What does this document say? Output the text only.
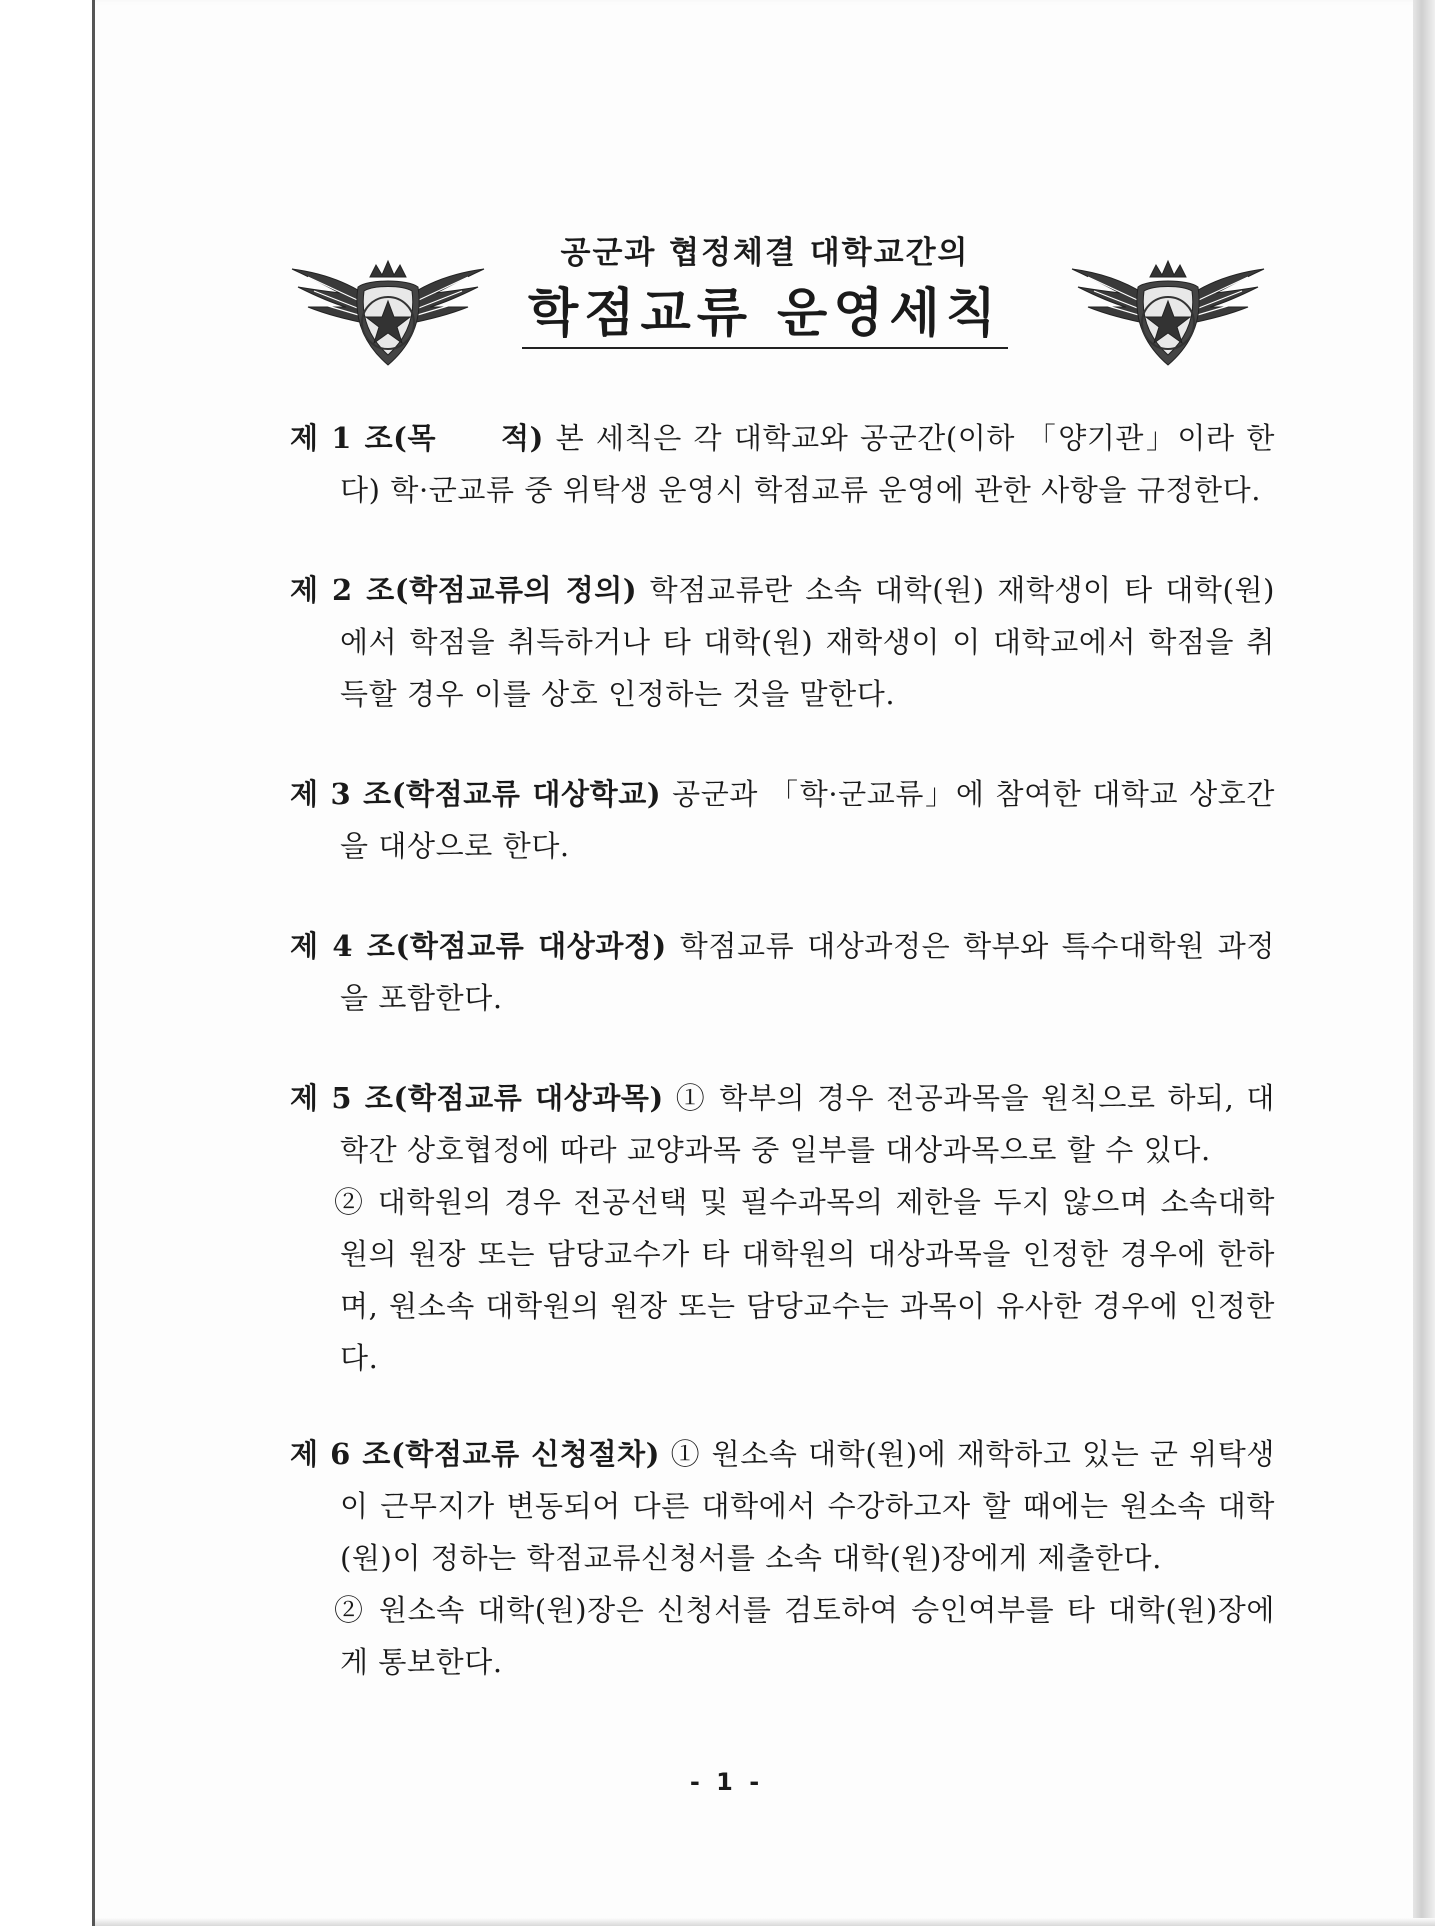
공군과 협정체결 대학교간의
학점교류 운영세칙

제 1 조(목　　적) 본 세칙은 각 대학교와 공군간(이하 「양기관」이라 한다) 학·군교류 중 위탁생 운영시 학점교류 운영에 관한 사항을 규정한다.

제 2 조(학점교류의 정의) 학점교류란 소속 대학(원) 재학생이 타 대학(원)에서 학점을 취득하거나 타 대학(원) 재학생이 이 대학교에서 학점을 취득할 경우 이를 상호 인정하는 것을 말한다.

제 3 조(학점교류 대상학교) 공군과 「학·군교류」에 참여한 대학교 상호간을 대상으로 한다.

제 4 조(학점교류 대상과정) 학점교류 대상과정은 학부와 특수대학원 과정을 포함한다.

제 5 조(학점교류 대상과목) ① 학부의 경우 전공과목을 원칙으로 하되, 대학간 상호협정에 따라 교양과목 중 일부를 대상과목으로 할 수 있다.
② 대학원의 경우 전공선택 및 필수과목의 제한을 두지 않으며 소속대학원의 원장 또는 담당교수가 타 대학원의 대상과목을 인정한 경우에 한하며, 원소속 대학원의 원장 또는 담당교수는 과목이 유사한 경우에 인정한다.

제 6 조(학점교류 신청절차) ① 원소속 대학(원)에 재학하고 있는 군 위탁생이 근무지가 변동되어 다른 대학에서 수강하고자 할 때에는 원소속 대학(원)이 정하는 학점교류신청서를 소속 대학(원)장에게 제출한다.
② 원소속 대학(원)장은 신청서를 검토하여 승인여부를 타 대학(원)장에게 통보한다.

- 1 -
